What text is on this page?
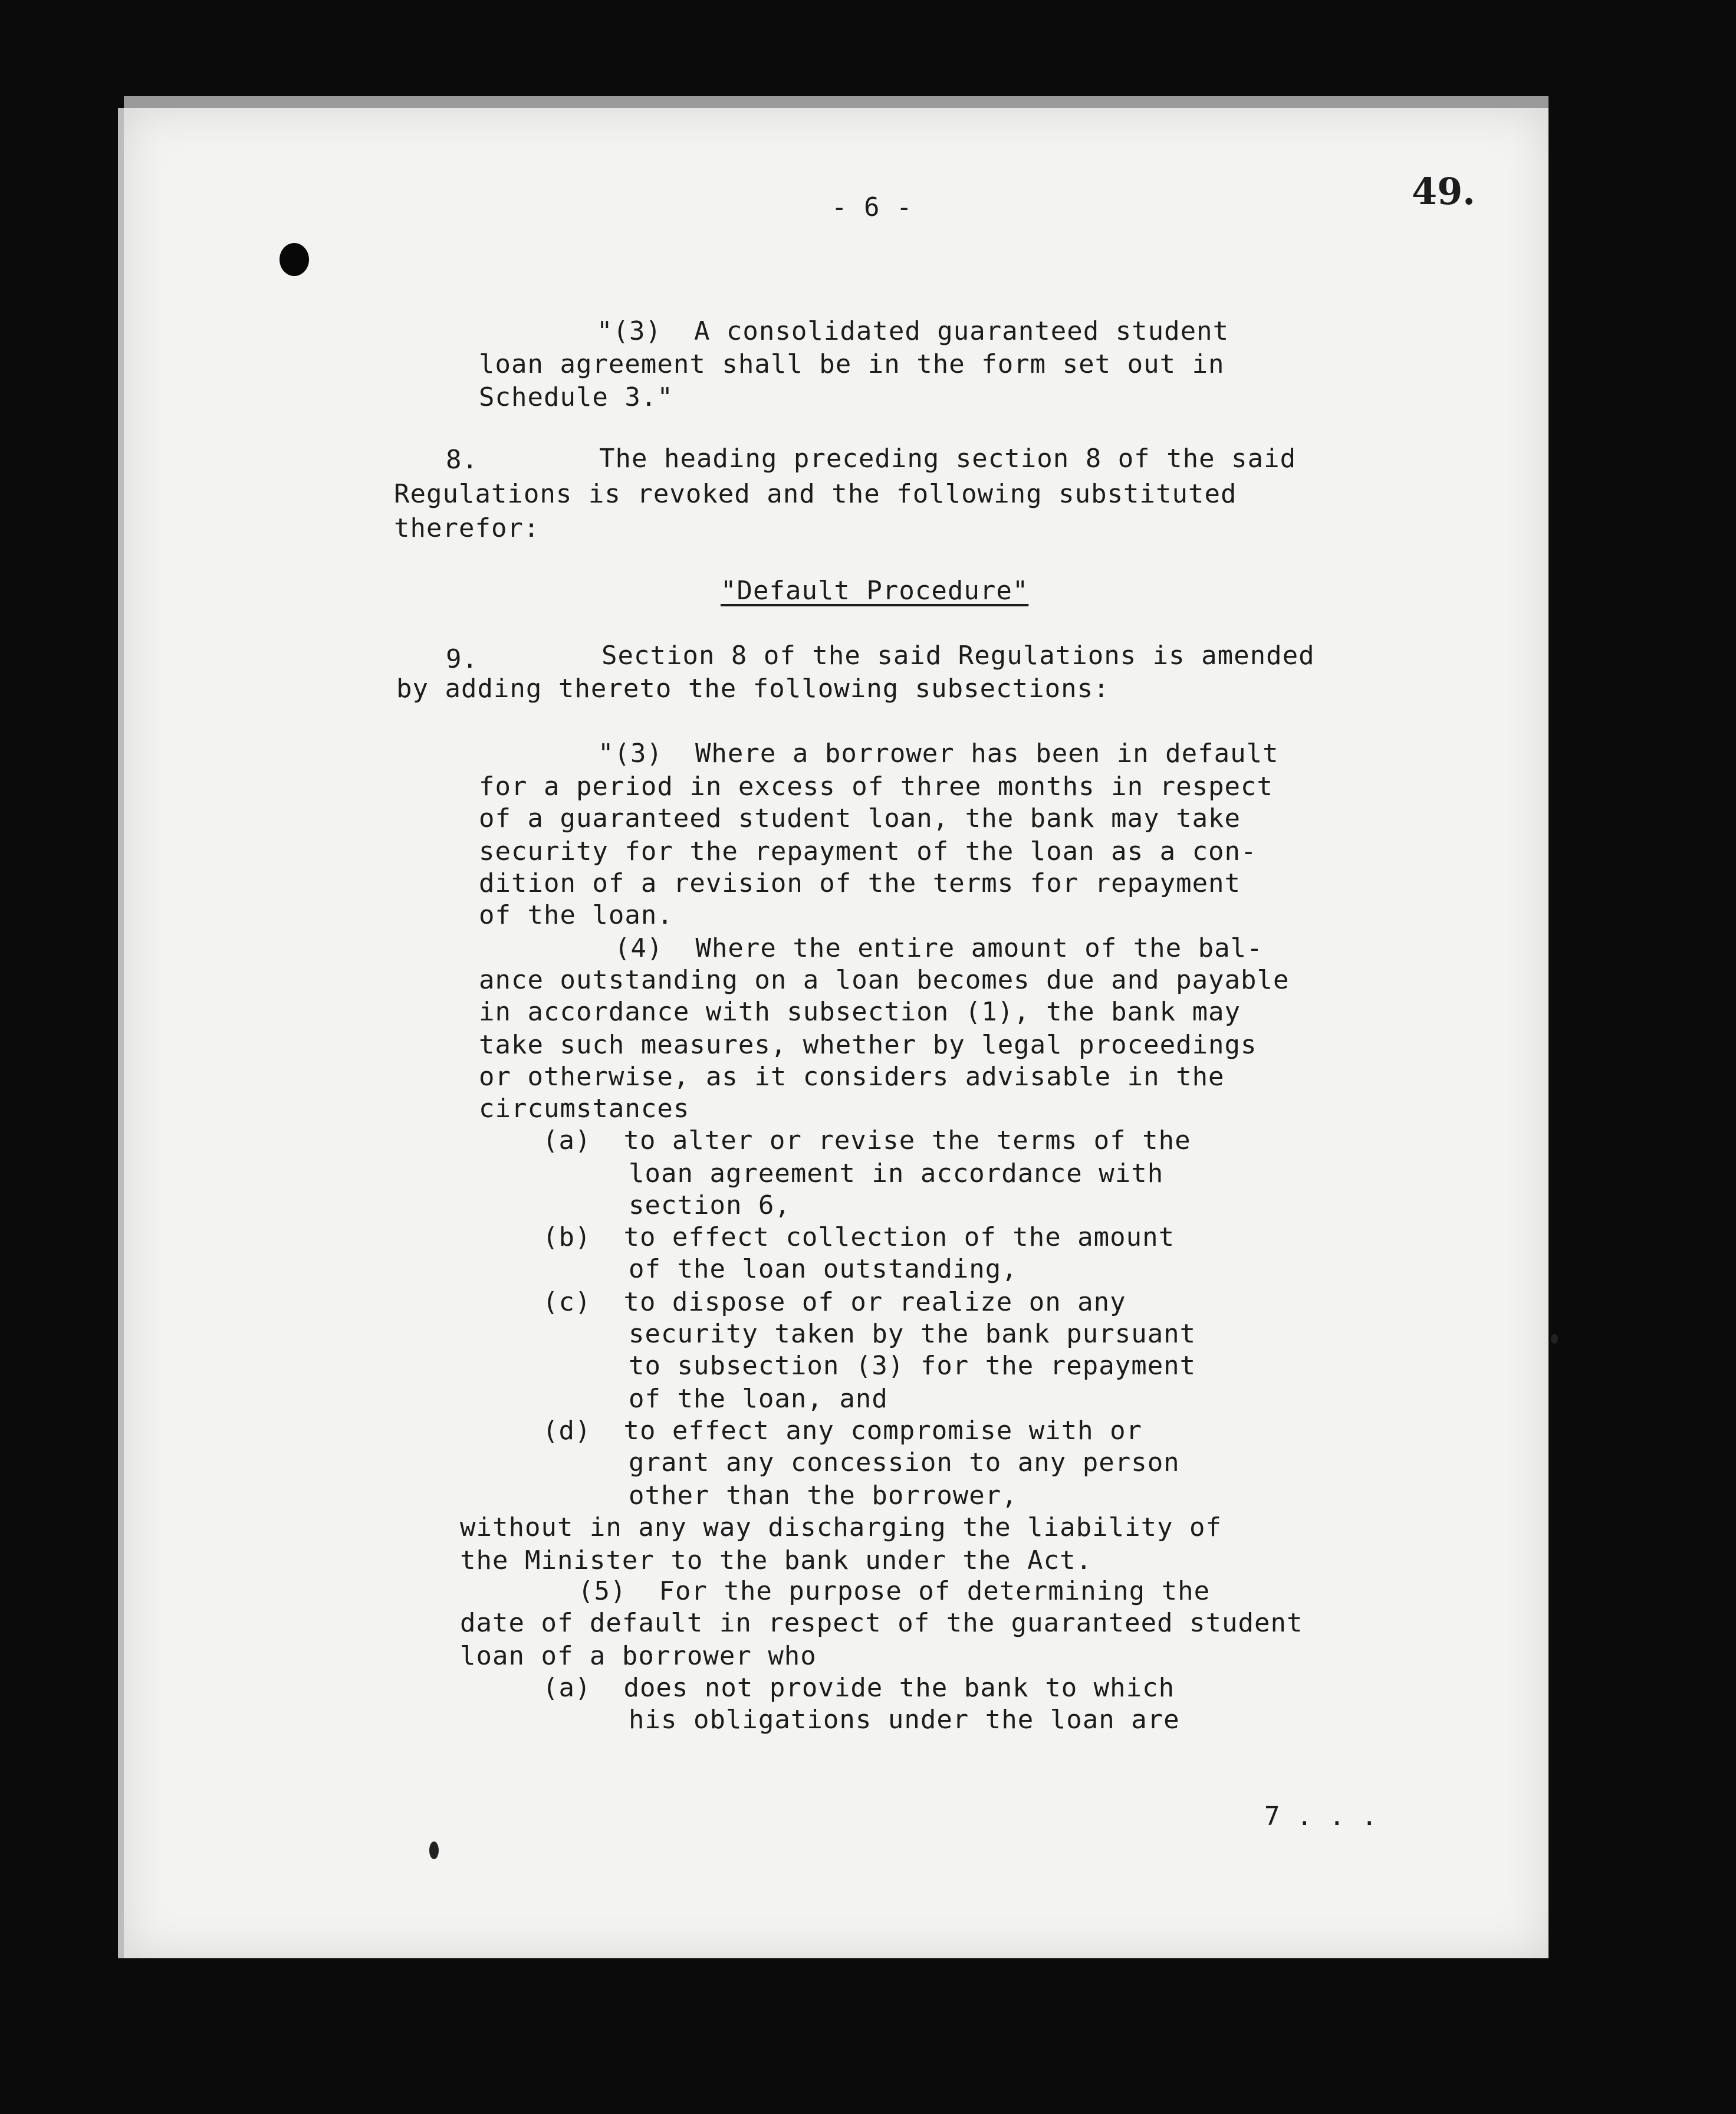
49.
- 6 -
"(3)  A consolidated guaranteed student
loan agreement shall be in the form set out in
Schedule 3."
8.	The heading preceding section 8 of the said
Regulations is revoked and the following substituted
therefor:
"Default Procedure"
9.	Section 8 of the said Regulations is amended
by adding thereto the following subsections:
"(3)  Where a borrower has been in default
for a period in excess of three months in respect
of a guaranteed student loan, the bank may take
security for the repayment of the loan as a con-
dition of a revision of the terms for repayment
of the loan.
(4)  Where the entire amount of the bal-
ance outstanding on a loan becomes due and payable
in accordance with subsection (1), the bank may
take such measures, whether by legal proceedings
or otherwise, as it considers advisable in the
circumstances
(a)  to alter or revise the terms of the
loan agreement in accordance with
section 6,
(b)  to effect collection of the amount
of the loan outstanding,
(c)  to dispose of or realize on any
security taken by the bank pursuant
to subsection (3) for the repayment
of the loan, and
(d)  to effect any compromise with or
grant any concession to any person
other than the borrower,
without in any way discharging the liability of
the Minister to the bank under the Act.
(5)  For the purpose of determining the
date of default in respect of the guaranteed student
loan of a borrower who
(a)  does not provide the bank to which
his obligations under the loan are
7 . . .
